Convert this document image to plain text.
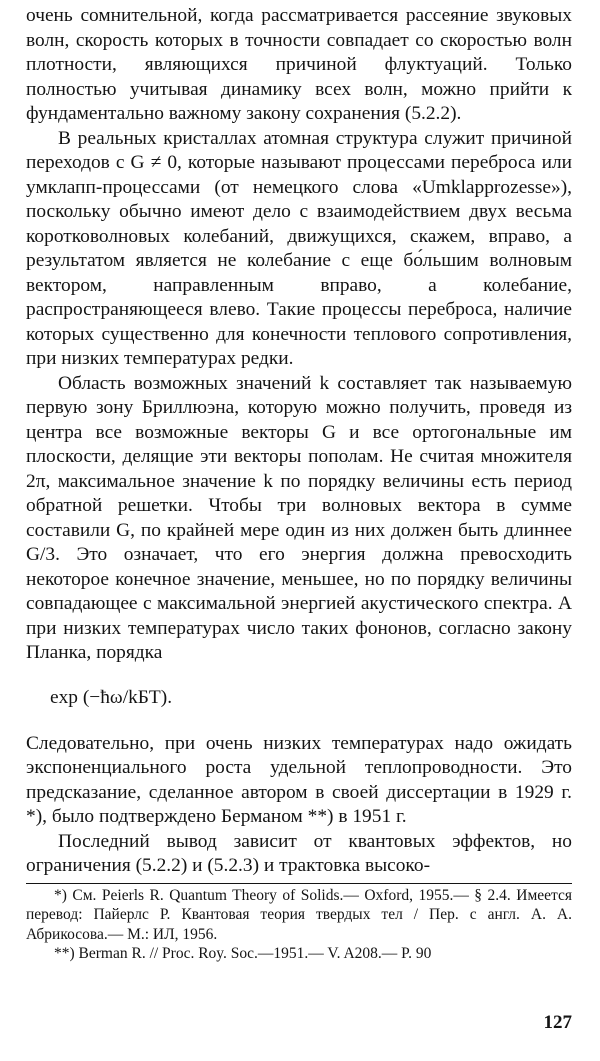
очень сомнительной, когда рассматривается рассеяние звуковых волн, скорость которых в точности совпадает со скоростью волн плотности, являющихся причиной флуктуаций. Только полностью учитывая динамику всех волн, можно прийти к фундаментально важному закону сохранения (5.2.2).

В реальных кристаллах атомная структура служит причиной переходов с G ≠ 0, которые называют процессами переброса или умклапп-процессами (от немецкого слова «Umklapprozesse»), поскольку обычно имеют дело с взаимодействием двух весьма коротковолновых колебаний, движущихся, скажем, вправо, а результатом является не колебание с еще бо́льшим волновым вектором, направленным вправо, а колебание, распространяющееся влево. Такие процессы переброса, наличие которых существенно для конечности теплового сопротивления, при низких температурах редки.

Область возможных значений k составляет так называемую первую зону Бриллюэна, которую можно получить, проведя из центра все возможные векторы G и все ортогональные им плоскости, делящие эти векторы пополам. Не считая множителя 2π, максимальное значение k по порядку величины есть период обратной решетки. Чтобы три волновых вектора в сумме составили G, по крайней мере один из них должен быть длиннее G/3. Это означает, что его энергия должна превосходить некоторое конечное значение, меньшее, но по порядку величины совпадающее с максимальной энергией акустического спектра. А при низких температурах число таких фононов, согласно закону Планка, порядка

exp (−ħω/kБT).

Следовательно, при очень низких температурах надо ожидать экспоненциального роста удельной теплопроводности. Это предсказание, сделанное автором в своей диссертации в 1929 г. *), было подтверждено Берманом **) в 1951 г.

Последний вывод зависит от квантовых эффектов, но ограничения (5.2.2) и (5.2.3) и трактовка высоко-

*) См. Peierls R. Quantum Theory of Solids.— Oxford, 1955.— § 2.4. Имеется перевод: Пайерлс Р. Квантовая теория твердых тел / Пер. с англ. А. А. Абрикосова.— М.: ИЛ, 1956.

**) Berman R. // Proc. Roy. Soc.—1951.— V. A208.— P. 90

127
